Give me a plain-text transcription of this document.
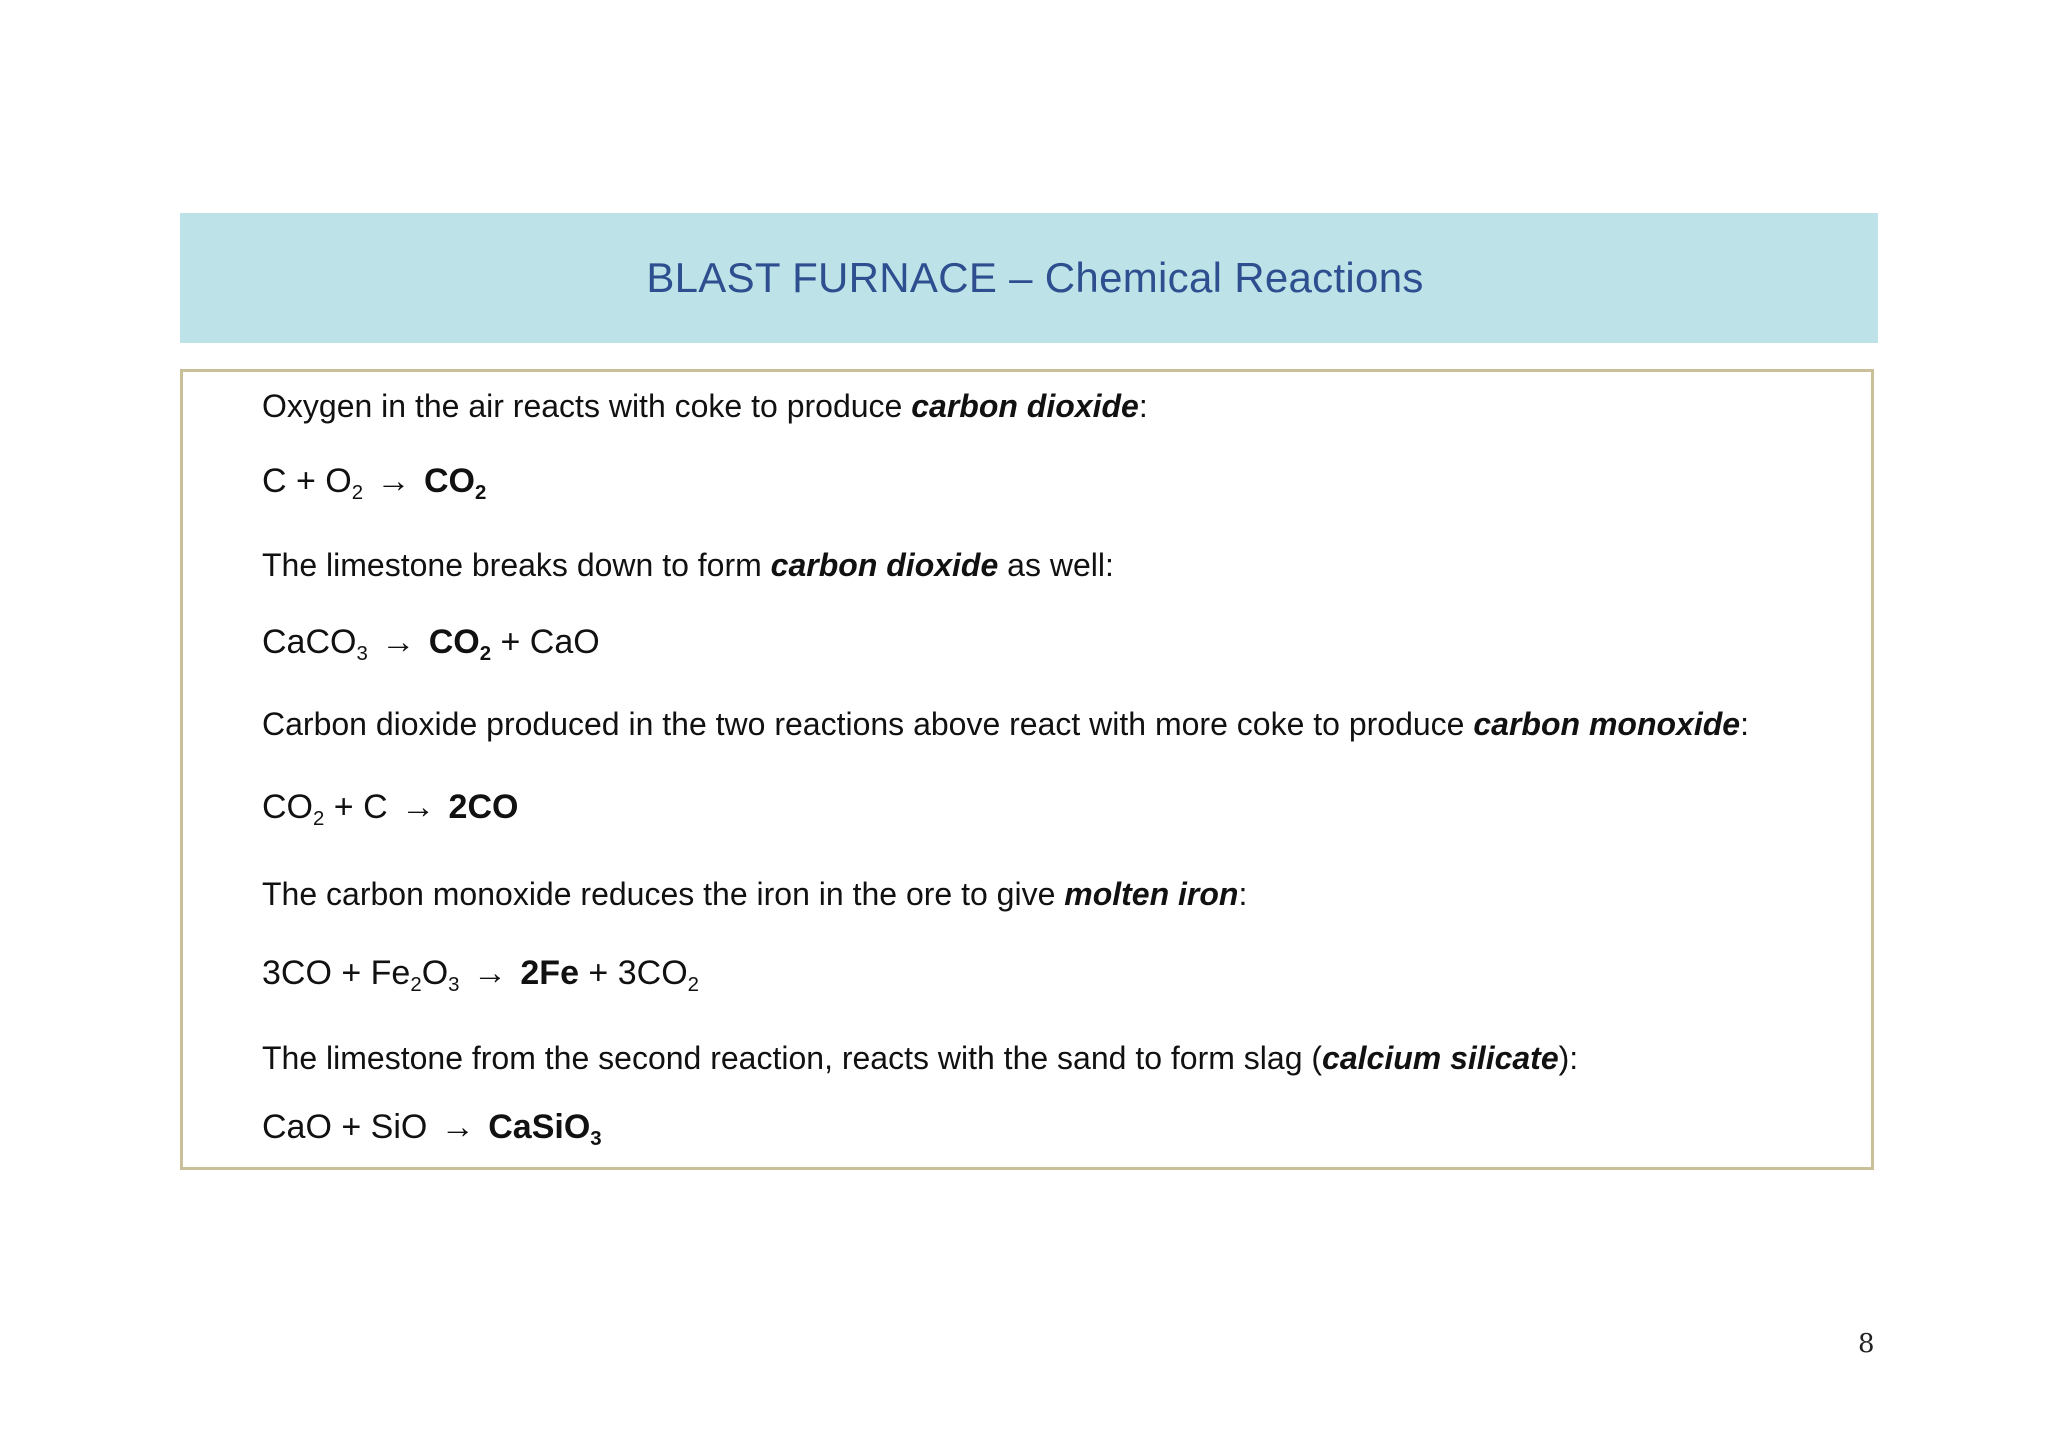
BLAST FURNACE – Chemical Reactions
Oxygen in the air reacts with coke to produce carbon dioxide:
$C + O_2 \to CO_2$
The limestone breaks down to form carbon dioxide as well:
CaCO$_3$ → $CO_2$ + CaO
Carbon dioxide produced in the two reactions above react with more coke to produce carbon monoxide:
$CO_2 + C \to 2CO$
The carbon monoxide reduces the iron in the ore to give molten iron:
$3CO + Fe_2O_3 \to 2Fe + 3CO_2$
The limestone from the second reaction, reacts with the sand to form slag (calcium silicate):
CaO + SiO → CaSiO$_3$
8
